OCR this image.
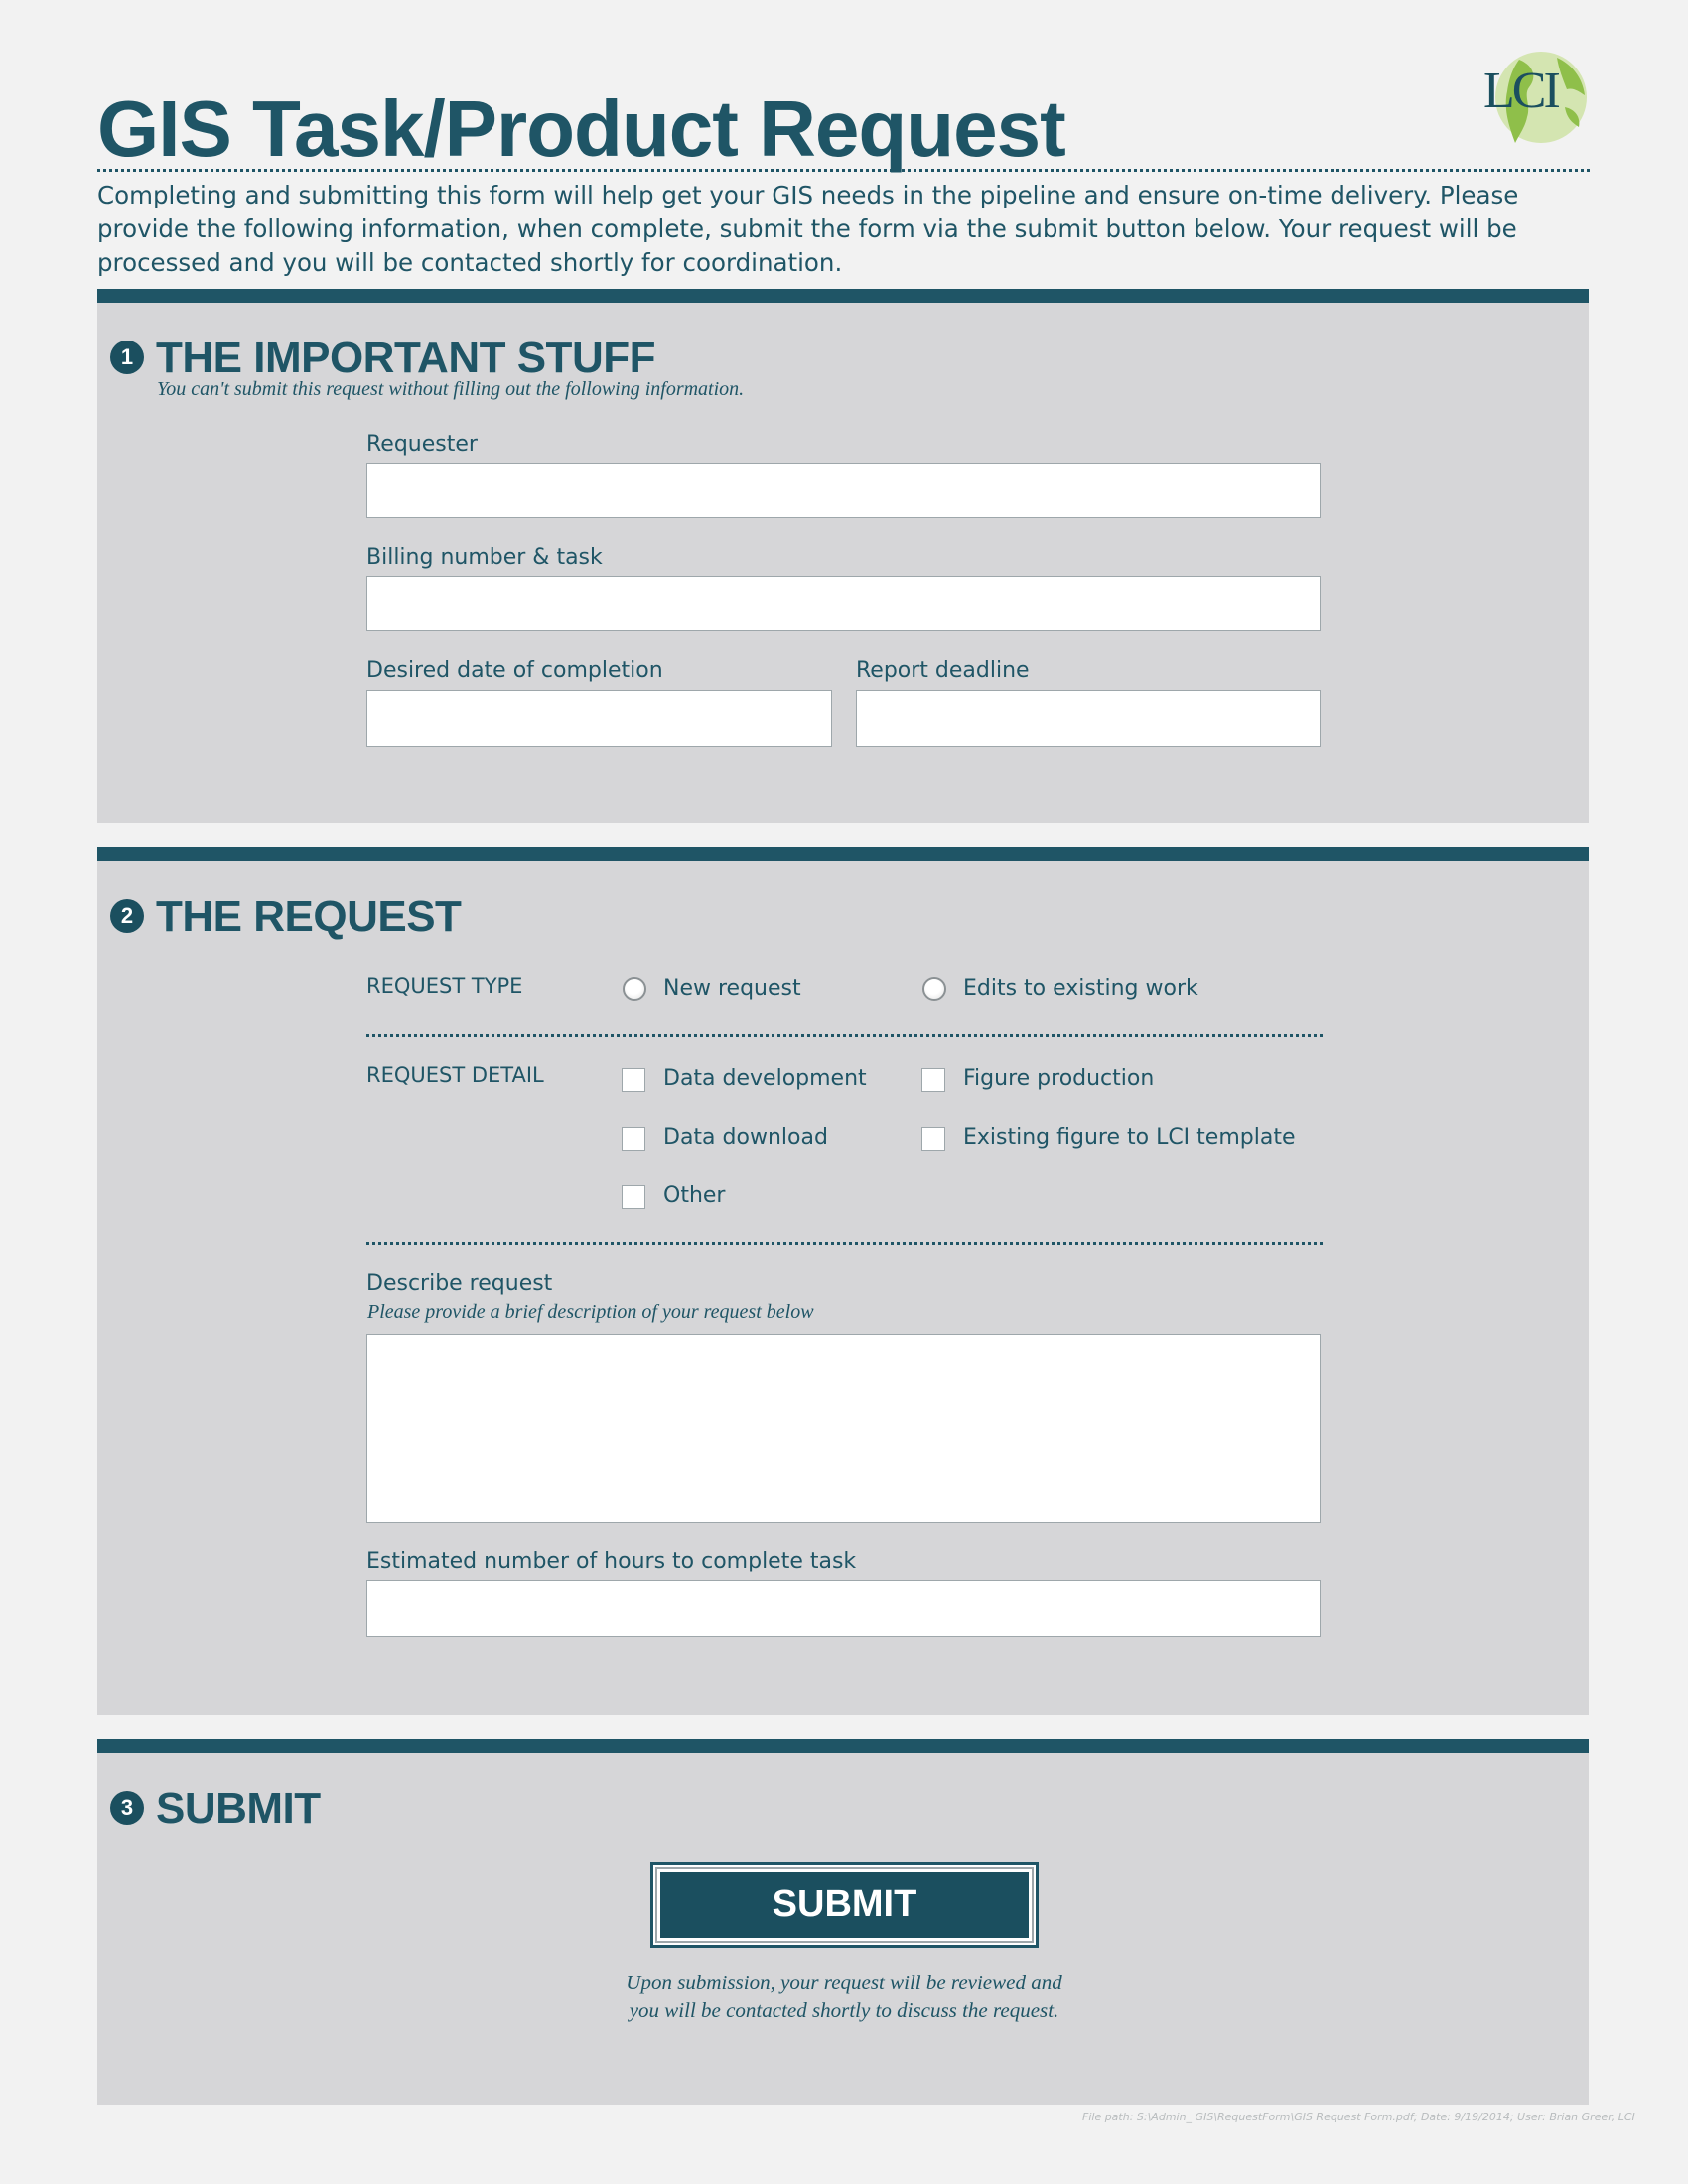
GIS Task/Product Request
Completing and submitting this form will help get your GIS needs in the pipeline and ensure on-time delivery. Please provide the following information, when complete, submit the form via the submit button below. Your request will be processed and you will be contacted shortly for coordination.
LCI
1 THE IMPORTANT STUFF
You can't submit this request without filling out the following information.
Requester
Billing number & task
Desired date of completion	Report deadline
2 THE REQUEST
REQUEST TYPE	New request	Edits to existing work
REQUEST DETAIL	Data development	Figure production
Data download	Existing figure to LCI template
Other
Describe request
Please provide a brief description of your request below
Estimated number of hours to complete task
3 SUBMIT
SUBMIT
Upon submission, your request will be reviewed and
you will be contacted shortly to discuss the request.
File path: S:\Admin_ GIS\RequestForm\GIS Request Form.pdf; Date: 9/19/2014; User: Brian Greer, LCI
